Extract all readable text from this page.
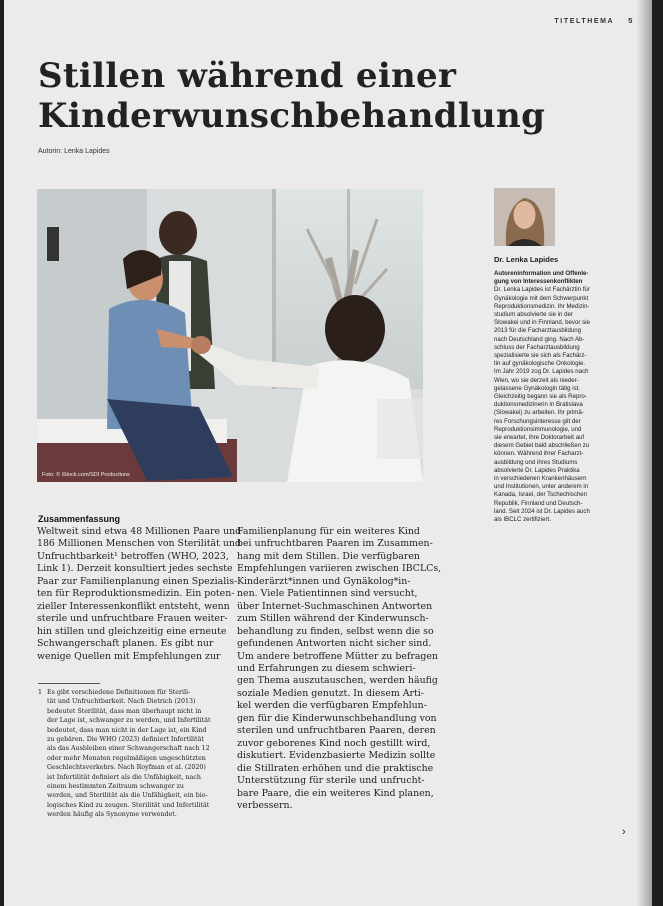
TITELTHEMA 5
Stillen während einer
Kinderwunschbehandlung
Autorin: Lenka Lapides
Foto: © iStock.com/SDI Productions
Dr. Lenka Lapides
Autoreninformation und Offenle-
gung von Interessenkonflikten
Dr. Lenka Lapides ist Fachärztin für
Gynäkologie mit dem Schwerpunkt
Reproduktionsmedizin. Ihr Medizin-
studium absolvierte sie in der
Slowakei und in Finnland, bevor sie
2013 für die Facharztausbildung
nach Deutschland ging. Nach Ab-
schluss der Facharztausbildung
spezialisierte sie sich als Fachärz-
tin auf gynäkologische Onkologie.
Im Jahr 2019 zog Dr. Lapides nach
Wien, wo sie derzeit als nieder-
gelassene Gynäkologin tätig ist.
Gleichzeitig begann sie als Repro-
duktionsmedizinerin in Bratislava
(Slowakei) zu arbeiten. Ihr primä-
res Forschungsinteresse gilt der
Reproduktionsimmunologie, und
sie erwartet, ihre Doktorarbeit auf
diesem Gebiet bald abschließen zu
können. Während ihrer Facharzt-
ausbildung und ihres Studiums
absolvierte Dr. Lapides Praktika
in verschiedenen Krankenhäusern
und Institutionen, unter anderem in
Kanada, Israel, der Tschechischen
Republik, Finnland und Deutsch-
land. Seit 2024 ist Dr. Lapides auch
als IBCLC zertifiziert.

Zusammenfassung
Weltweit sind etwa 48 Millionen Paare und
186 Millionen Menschen von Sterilität und
Unfruchtbarkeit¹ betroffen (WHO, 2023,
Link 1). Derzeit konsultiert jedes sechste
Paar zur Familienplanung einen Spezialis-
ten für Reproduktionsmedizin. Ein poten-
zieller Interessenkonflikt entsteht, wenn
sterile und unfruchtbare Frauen weiter-
hin stillen und gleichzeitig eine erneute
Schwangerschaft planen. Es gibt nur
wenige Quellen mit Empfehlungen zur
Familienplanung für ein weiteres Kind
bei unfruchtbaren Paaren im Zusammen-
hang mit dem Stillen. Die verfügbaren
Empfehlungen variieren zwischen IBCLCs,
Kinderärzt*innen und Gynäkolog*in-
nen. Viele Patientinnen sind versucht,
über Internet-Suchmaschinen Antworten
zum Stillen während der Kinderwunsch-
behandlung zu finden, selbst wenn die so
gefundenen Antworten nicht sicher sind.
Um andere betroffene Mütter zu befragen
und Erfahrungen zu diesem schwieri-
gen Thema auszutauschen, werden häufig
soziale Medien genutzt. In diesem Arti-
kel werden die verfügbaren Empfehlun-
gen für die Kinderwunschbehandlung von
sterilen und unfruchtbaren Paaren, deren
zuvor geborenes Kind noch gestillt wird,
diskutiert. Evidenzbasierte Medizin sollte
die Stillraten erhöhen und die praktische
Unterstützung für sterile und unfrucht-
bare Paare, die ein weiteres Kind planen,
verbessern.
1 Es gibt verschiedene Definitionen für Sterili-
tät und Unfruchtbarkeit. Nach Dietrich (2013)
bedeutet Sterilität, dass man überhaupt nicht in
der Lage ist, schwanger zu werden, und Infertilität
bedeutet, dass man nicht in der Lage ist, ein Kind
zu gebären. Die WHO (2023) definiert Infertilität
als das Ausbleiben einer Schwangerschaft nach 12
oder mehr Monaten regelmäßigen ungeschützten
Geschlechtsverkehrs. Nach Royfman et al. (2020)
ist Infertilität definiert als die Unfähigkeit, nach
einem bestimmten Zeitraum schwanger zu
werden, und Sterilität als die Unfähigkeit, ein bio-
logisches Kind zu zeugen. Sterilität und Infertilität
werden häufig als Synonyme verwendet.
›
